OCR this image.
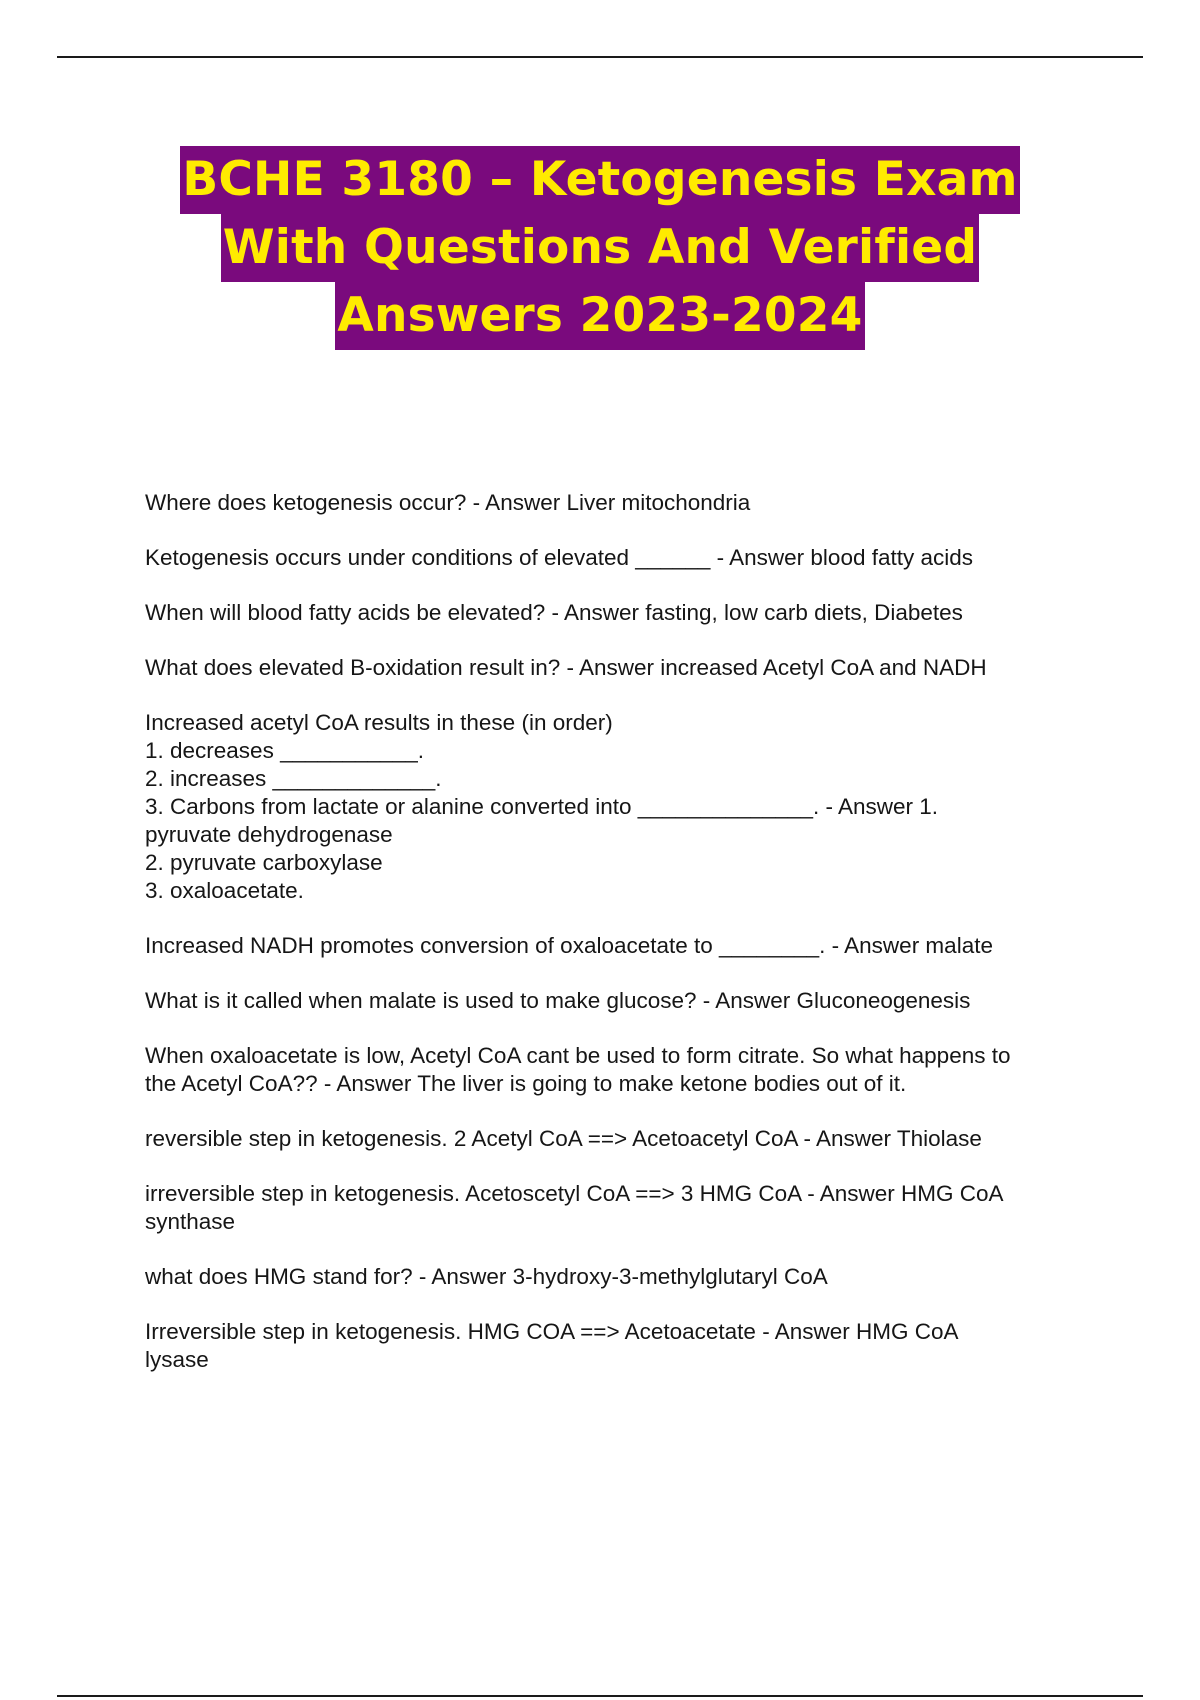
BCHE 3180 – Ketogenesis Exam
With Questions And Verified
Answers 2023-2024

Where does ketogenesis occur? - Answer Liver mitochondria

Ketogenesis occurs under conditions of elevated ______ - Answer blood fatty acids

When will blood fatty acids be elevated? - Answer fasting, low carb diets, Diabetes

What does elevated B-oxidation result in? - Answer increased Acetyl CoA and NADH

Increased acetyl CoA results in these (in order)
1. decreases ___________.
2. increases _____________.
3. Carbons from lactate or alanine converted into ______________. - Answer 1.
pyruvate dehydrogenase
2. pyruvate carboxylase
3. oxaloacetate.

Increased NADH promotes conversion of oxaloacetate to ________. - Answer malate

What is it called when malate is used to make glucose? - Answer Gluconeogenesis

When oxaloacetate is low, Acetyl CoA cant be used to form citrate. So what happens to
the Acetyl CoA?? - Answer The liver is going to make ketone bodies out of it.

reversible step in ketogenesis. 2 Acetyl CoA ==> Acetoacetyl CoA - Answer Thiolase

irreversible step in ketogenesis. Acetoscetyl CoA ==> 3 HMG CoA - Answer HMG CoA
synthase

what does HMG stand for? - Answer 3-hydroxy-3-methylglutaryl CoA

Irreversible step in ketogenesis. HMG COA ==> Acetoacetate - Answer HMG CoA
lysase
